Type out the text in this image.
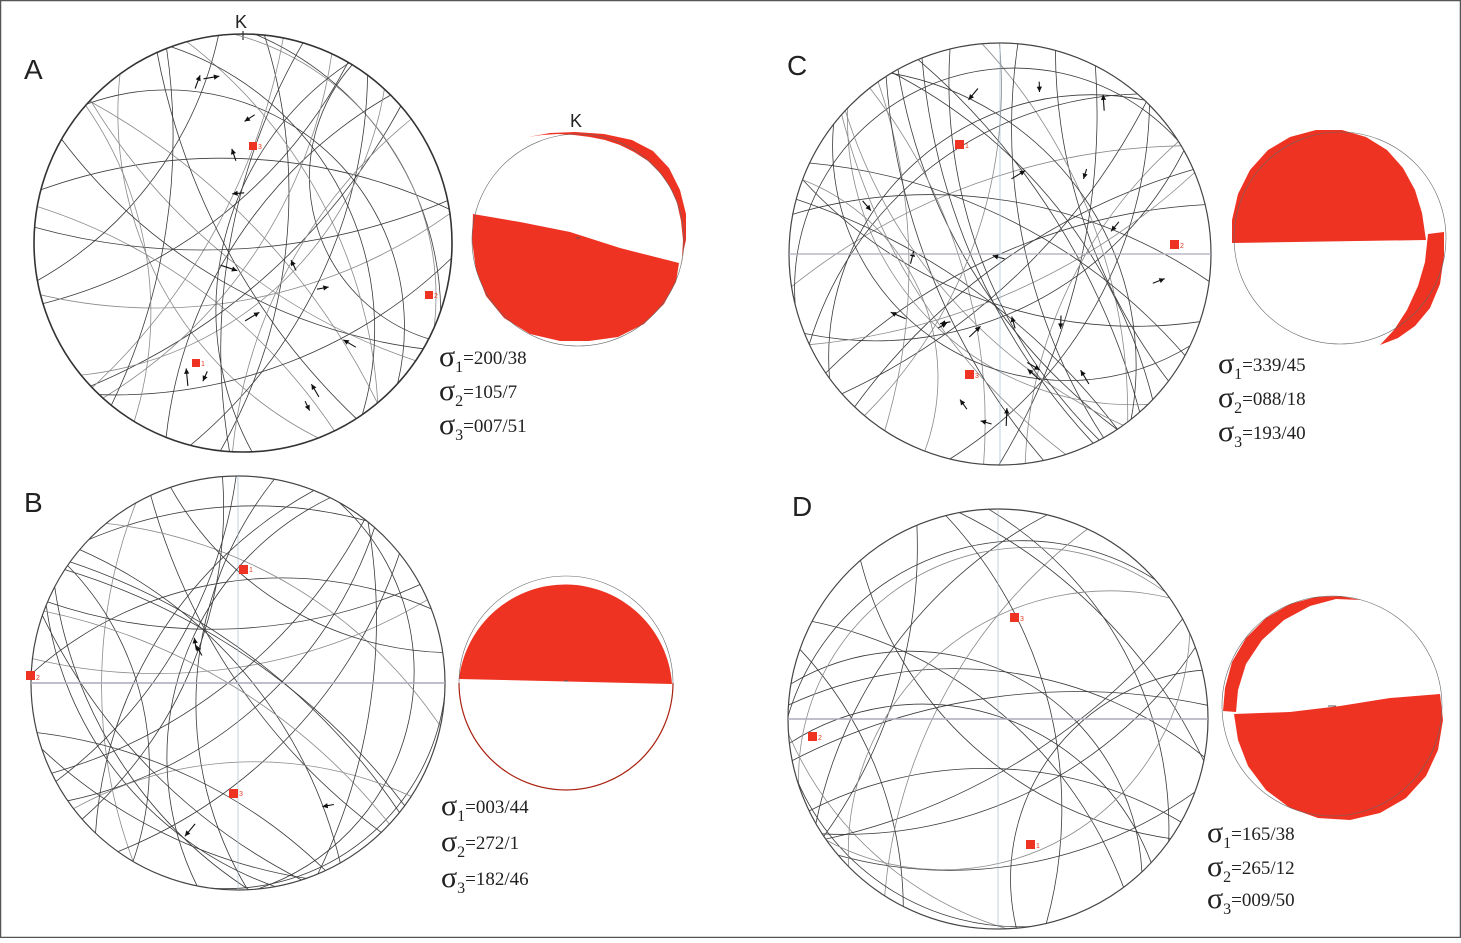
A
K
3
2
1
K
σ1=200/38
σ2=105/7
σ3=007/51
B
1
2
3	σ1=003/44
σ2=272/1
σ3=182/46
C
1
2
3	σ1=339/45
σ2=088/18
σ3=193/40
D
3
2
1	σ1=165/38
σ2=265/12
σ3=009/50
